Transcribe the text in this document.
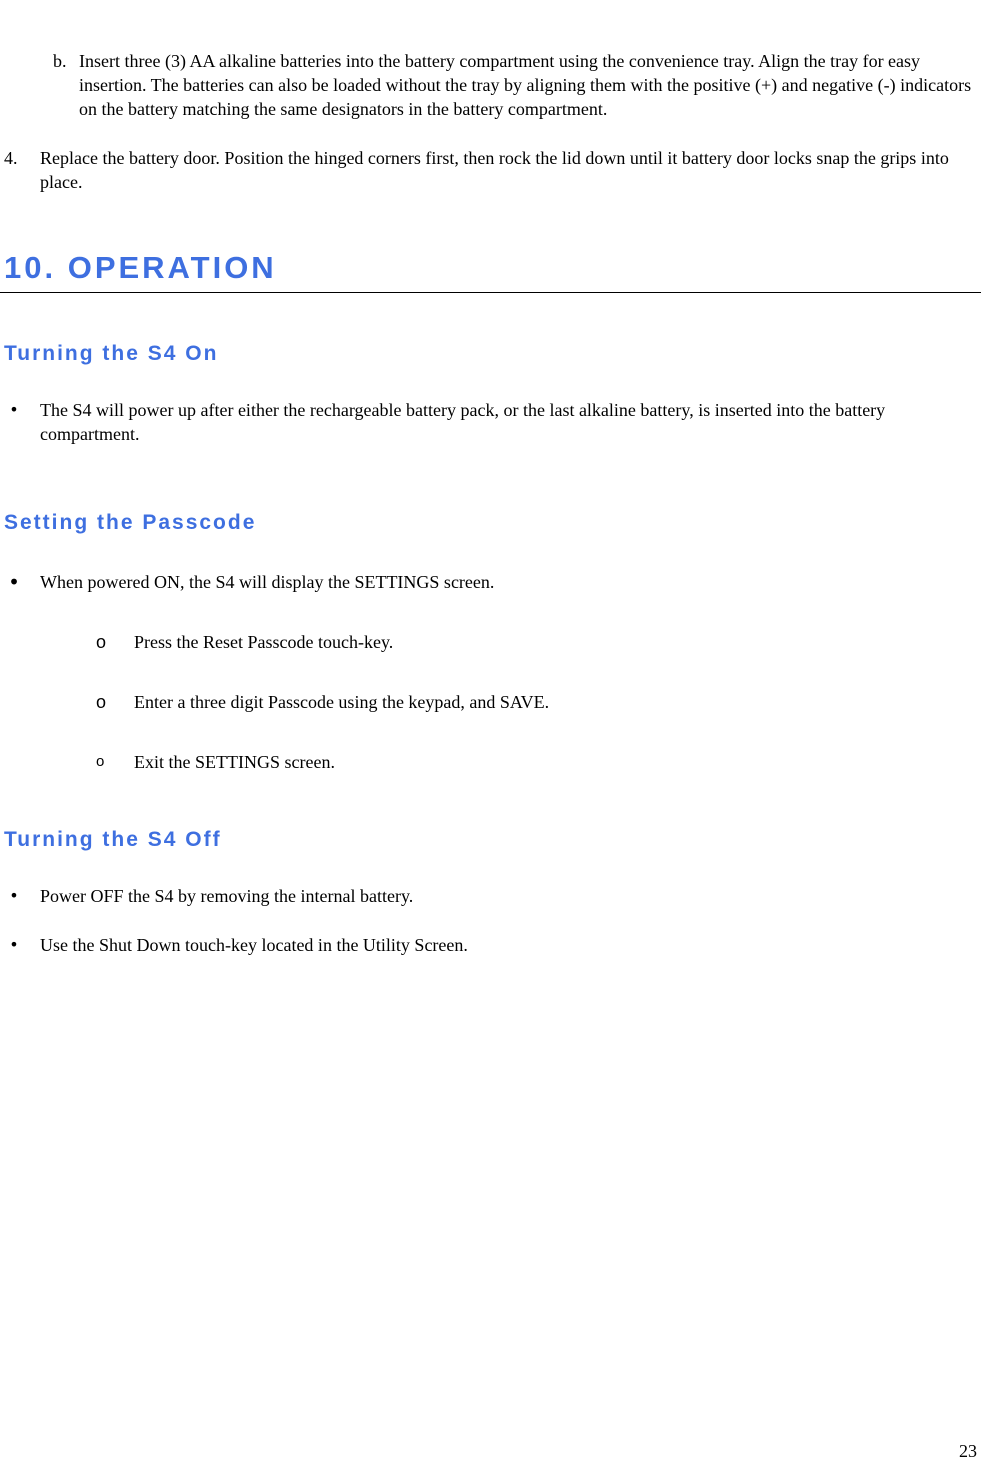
b. Insert three (3) AA alkaline batteries into the battery compartment using the convenience tray. Align the tray for easy insertion. The batteries can also be loaded without the tray by aligning them with the positive (+) and negative (-) indicators on the battery matching the same designators in the battery compartment.
4. Replace the battery door. Position the hinged corners first, then rock the lid down until it battery door locks snap the grips into place.
10. OPERATION
Turning the S4 On
• The S4 will power up after either the rechargeable battery pack, or the last alkaline battery, is inserted into the battery compartment.
Setting the Passcode
• When powered ON, the S4 will display the SETTINGS screen.
o Press the Reset Passcode touch-key.
o Enter a three digit Passcode using the keypad, and SAVE.
o Exit the SETTINGS screen.
Turning the S4 Off
• Power OFF the S4 by removing the internal battery.
• Use the Shut Down touch-key located in the Utility Screen.
23
